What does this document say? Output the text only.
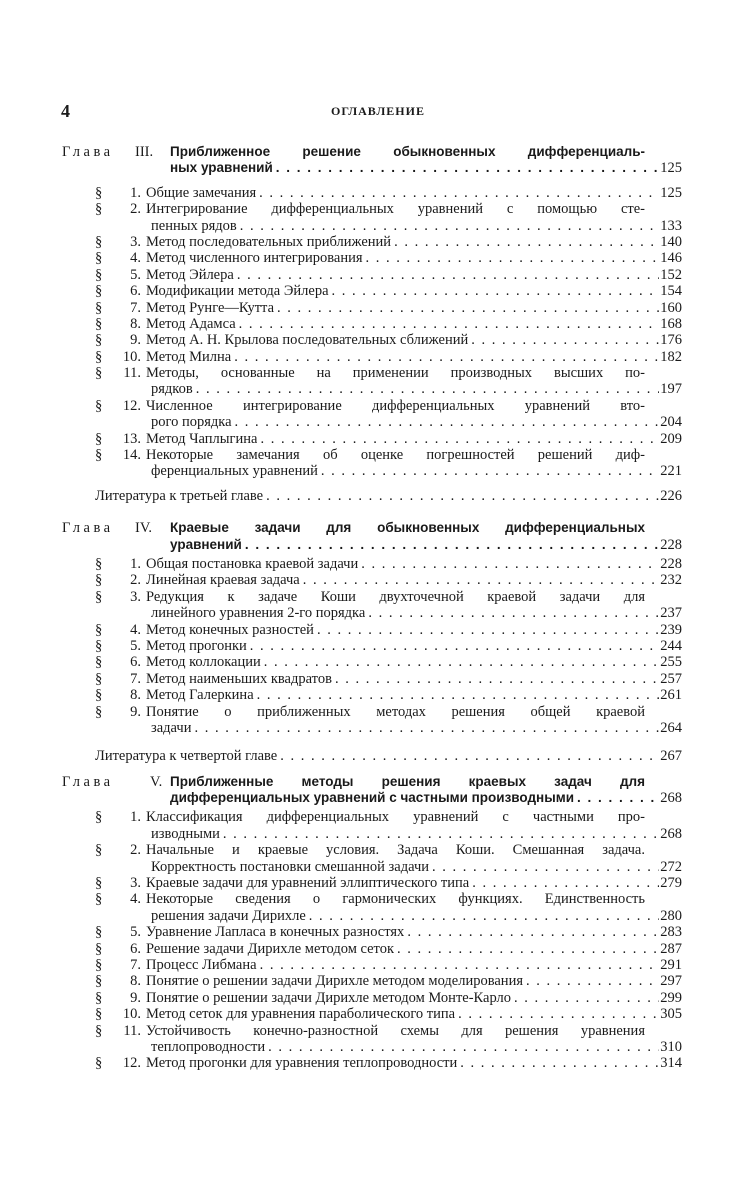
4	ОГЛАВЛЕНИЕ
Глава III. Приближенное решение обыкновенных дифференциаль-
ных уравнений . . .	125
§	1. Общие замечания . . .	125
§	2. Интегрирование дифференциальных уравнений с помощью сте-
пенных рядов . . .	133
§	3. Метод последовательных приближений . . .	140
§	4. Метод численного интегрирования . . .	146
§	5. Метод Эйлера . . .	152
§	6. Модификации метода Эйлера . . .	154
§	7. Метод Рунге—Кутта . . .	160
§	8. Метод Адамса . . .	168
§	9. Метод А. Н. Крылова последовательных сближений . . .	176
§	10. Метод Милна . . .	182
§	11. Методы, основанные на применении производных высших по-
рядков . . .	197
§	12. Численное интегрирование дифференциальных уравнений вто-
рого порядка . . .	204
§	13. Метод Чаплыгина . . .	209
§	14. Некоторые замечания об оценке погрешностей решений диф-
ференциальных уравнений . . .	221
Литература к третьей главе . . .	226
Глава IV. Краевые задачи для обыкновенных дифференциальных
уравнений . . .	228
§	1. Общая постановка краевой задачи . . .	228
§	2. Линейная краевая задача . . .	232
§	3. Редукция к задаче Коши двухточечной краевой задачи для
линейного уравнения 2-го порядка . . .	237
§	4. Метод конечных разностей . . .	239
§	5. Метод прогонки . . .	244
§	6. Метод коллокации . . .	255
§	7. Метод наименьших квадратов . . .	257
§	8. Метод Галеркина . . .	261
§	9. Понятие о приближенных методах решения общей краевой
задачи . . .	264
Литература к четвертой главе . . .	267
Глава	V. Приближенные методы решения краевых задач для
дифференциальных уравнений с частными производными . . .	268
§	1. Классификация дифференциальных уравнений с частными про-
изводными . . .	268
§	2. Начальные и краевые условия. Задача Коши. Смешанная задача.
Корректность постановки смешанной задачи . . .	272
§	3. Краевые задачи для уравнений эллиптического типа . . .	279
§	4. Некоторые сведения о гармонических функциях. Единственность
решения задачи Дирихле . . .	280
§	5. Уравнение Лапласа в конечных разностях . . .	283
§	6. Решение задачи Дирихле методом сеток . . .	287
§	7. Процесс Либмана . . .	291
§	8. Понятие о решении задачи Дирихле методом моделирования . . .	297
§	9. Понятие о решении задачи Дирихле методом Монте-Карло . . .	299
§	10. Метод сеток для уравнения параболического типа . . .	305
§	11. Устойчивость конечно-разностной схемы для решения уравнения
теплопроводности . . .	310
§	12. Метод прогонки для уравнения теплопроводности . . .	314
